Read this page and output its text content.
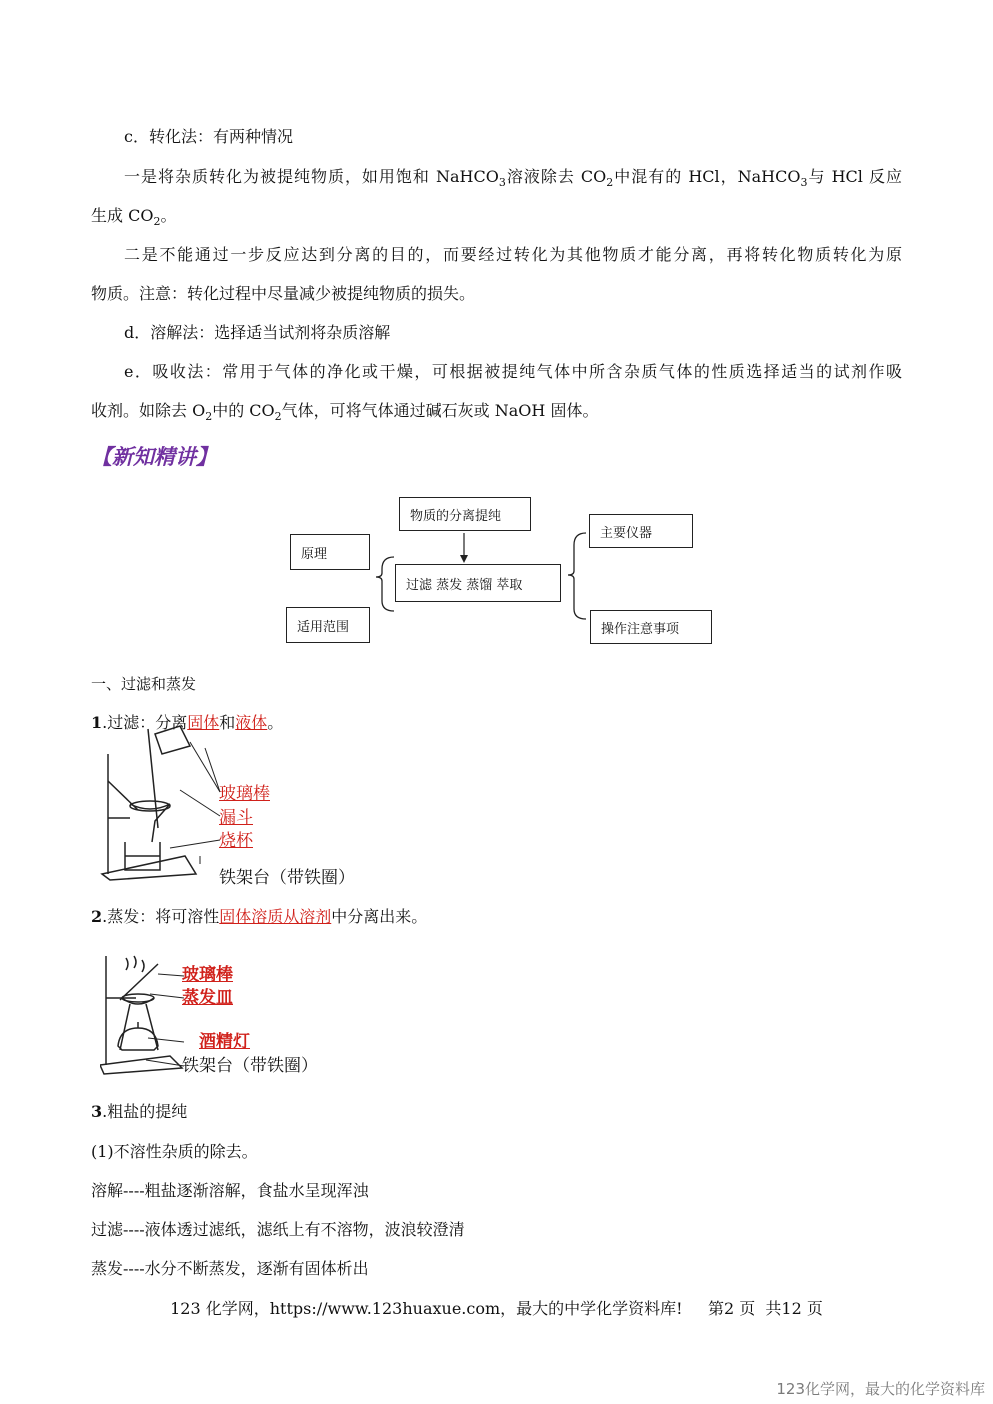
c．转化法：有两种情况
一是将杂质转化为被提纯物质，如用饱和 NaHCO$_3$溶液除去 $CO_2$中混有的 HCl，NaHCO$_3$与 HCl 反应
生成 $CO_2$。
二是不能通过一步反应达到分离的目的，而要经过转化为其他物质才能分离，再将转化物质转化为原
物质。注意：转化过程中尽量减少被提纯物质的损失。
d．溶解法：选择适当试剂将杂质溶解
e．吸收法：常用于气体的净化或干燥，可根据被提纯气体中所含杂质气体的性质选择适当的试剂作吸
收剂。如除去 $O_2$中的 $CO_2$气体，可将气体通过碱石灰或 NaOH 固体。
【新知精讲】
物质的分离提纯
过滤 蒸发 蒸馏 萃取
原理
适用范围
主要仪器
操作注意事项
一、过滤和蒸发
1.过滤：分离固体和液体。
玻璃棒
漏斗
烧杯
铁架台（带铁圈）
2.蒸发：将可溶性固体溶质从溶剂中分离出来。
玻璃棒
蒸发皿
酒精灯
铁架台（带铁圈）
3.粗盐的提纯
(1)不溶性杂质的除去。
溶解----粗盐逐渐溶解，食盐水呈现浑浊
过滤----液体透过滤纸，滤纸上有不溶物，波浪较澄清
蒸发----水分不断蒸发，逐渐有固体析出
123 化学网，https://www.123huaxue.com，最大的中学化学资料库!     第2 页  共12 页
123化学网，最大的化学资料库
